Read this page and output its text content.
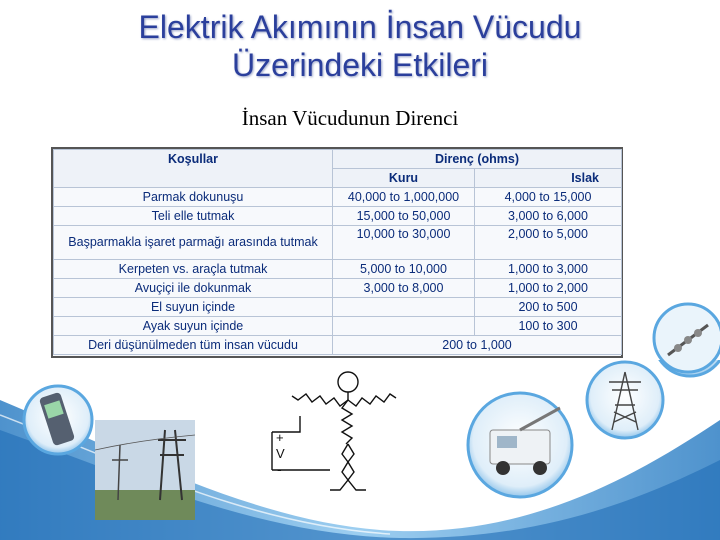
Elektrik Akımının İnsan Vücudu
Üzerindeki Etkileri
İnsan Vücudunun Direnci
Koşullar	Direnç (ohms)	
	Kuru	Islak
Parmak dokunuşu	40,000 to 1,000,000	4,000 to 15,000
Teli elle tutmak	15,000 to 50,000	3,000 to 6,000
Başparmakla işaret parmağı arasında tutmak	10,000 to 30,000	2,000 to 5,000
Kerpeten vs. araçla tutmak	5,000 to 10,000	1,000 to 3,000
Avuçiçi ile dokunmak	3,000 to 8,000	1,000 to 2,000
El suyun içinde		200 to 500
Ayak suyun içinde		100 to 300
Deri düşünülmeden tüm insan vücudu	200 to 1,000	
+
V
-
